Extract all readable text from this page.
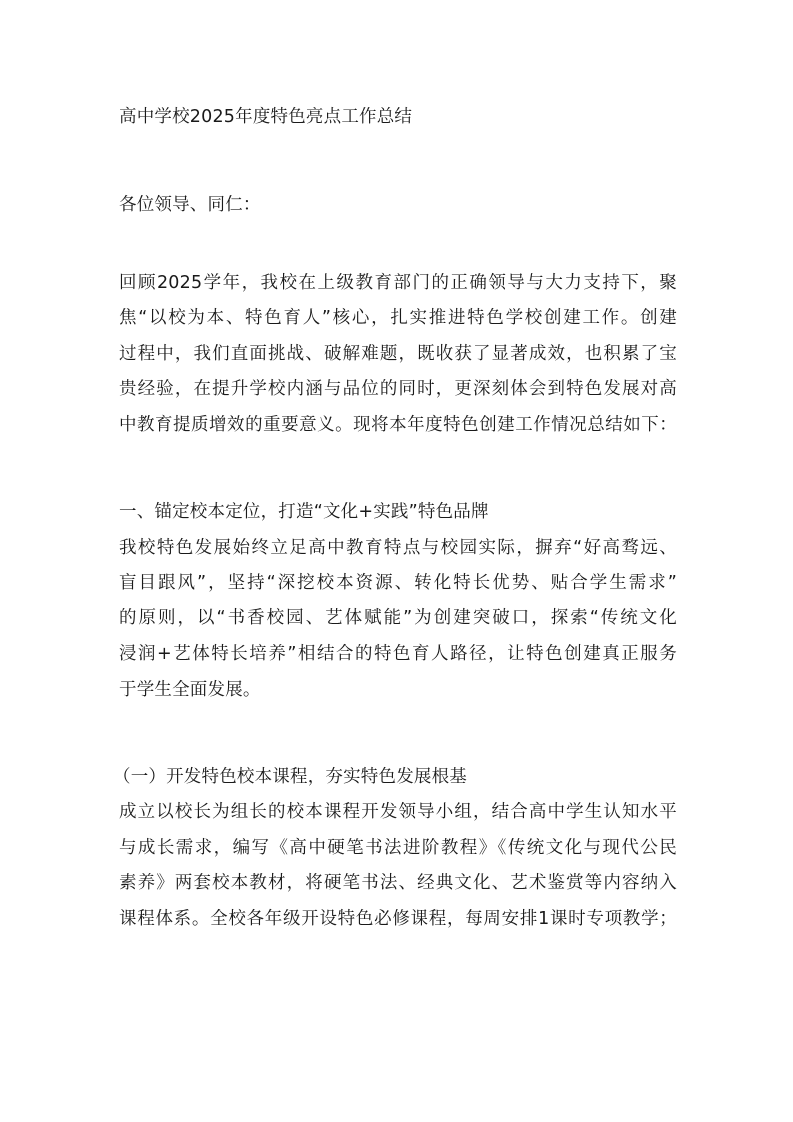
高中学校2025年度特色亮点工作总结
各位领导、同仁：
回顾2025学年，我校在上级教育部门的正确领导与大力支持下，聚
焦“以校为本、特色育人”核心，扎实推进特色学校创建工作。创建
过程中，我们直面挑战、破解难题，既收获了显著成效，也积累了宝
贵经验，在提升学校内涵与品位的同时，更深刻体会到特色发展对高
中教育提质增效的重要意义。现将本年度特色创建工作情况总结如下：
一、锚定校本定位，打造“文化+实践”特色品牌
我校特色发展始终立足高中教育特点与校园实际，摒弃“好高骛远、
盲目跟风”，坚持“深挖校本资源、转化特长优势、贴合学生需求”
的原则，以“书香校园、艺体赋能”为创建突破口，探索“传统文化
浸润+艺体特长培养”相结合的特色育人路径，让特色创建真正服务
于学生全面发展。
（一）开发特色校本课程，夯实特色发展根基
成立以校长为组长的校本课程开发领导小组，结合高中学生认知水平
与成长需求，编写《高中硬笔书法进阶教程》《传统文化与现代公民
素养》两套校本教材，将硬笔书法、经典文化、艺术鉴赏等内容纳入
课程体系。全校各年级开设特色必修课程，每周安排1课时专项教学；
